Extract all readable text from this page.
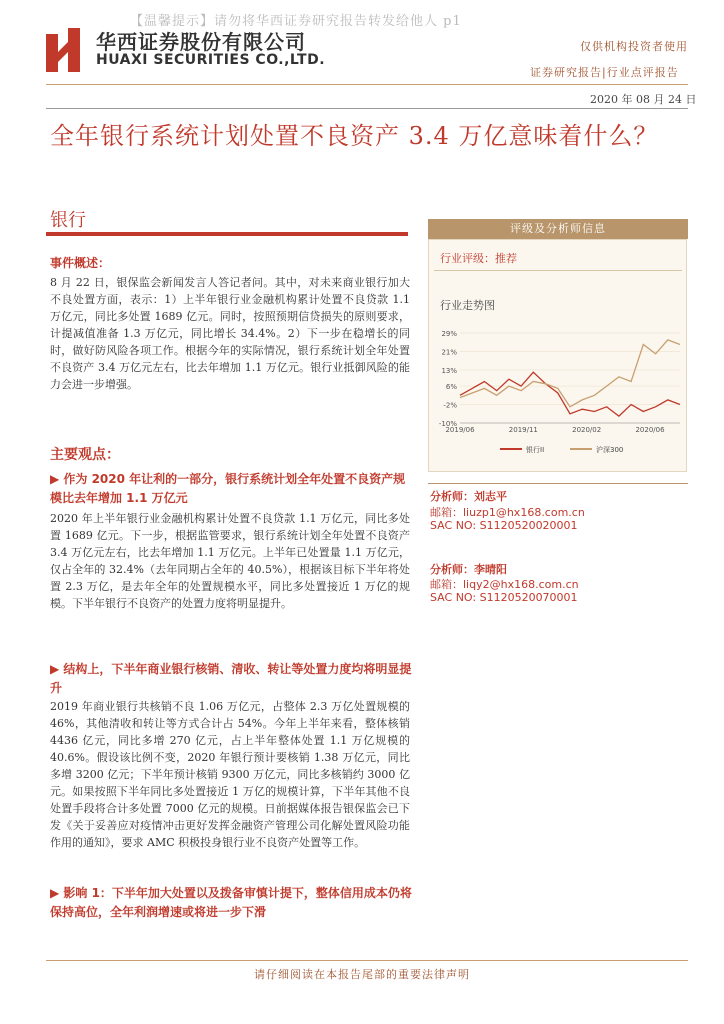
【温馨提示】请勿将华西证券研究报告转发给他人 p1
华西证券股份有限公司
HUAXI SECURITIES CO.,LTD.
仅供机构投资者使用
证券研究报告|行业点评报告
2020 年 08 月 24 日
全年银行系统计划处置不良资产 3.4 万亿意味着什么？
银行	评级及分析师信息
行业评级：推荐
行业走势图
29%
21%
13%
6%
-2%
-10%
2019/06	2019/11	2020/02	2020/06
银行II	沪深300
分析师：刘志平
邮箱：liuzp1@hx168.com.cn
SAC NO: S1120520020001
分析师：李晴阳
邮箱：liqy2@hx168.com.cn
SAC NO: S1120520070001
事件概述：
8 月 22 日，银保监会新闻发言人答记者问。其中，对未来商业银行加大不良处置方面，表示：1）上半年银行业金融机构累计处置不良贷款 1.1 万亿元，同比多处置 1689 亿元。同时，按照预期信贷损失的原则要求，计提减值准备 1.3 万亿元，同比增长 34.4%。2）下一步在稳增长的同时，做好防风险各项工作。根据今年的实际情况，银行系统计划全年处置不良资产 3.4 万亿元左右，比去年增加 1.1 万亿元。银行业抵御风险的能力会进一步增强。
主要观点：
▶ 作为 2020 年让利的一部分，银行系统计划全年处置不良资产规模比去年增加 1.1 万亿元
2020 年上半年银行业金融机构累计处置不良贷款 1.1 万亿元，同比多处置 1689 亿元。下一步，根据监管要求，银行系统计划全年处置不良资产 3.4 万亿元左右，比去年增加 1.1 万亿元。上半年已处置量 1.1 万亿元，仅占全年的 32.4%（去年同期占全年的 40.5%），根据该目标下半年将处置 2.3 万亿，是去年全年的处置规模水平，同比多处置接近 1 万亿的规模。下半年银行不良资产的处置力度将明显提升。
▶ 结构上，下半年商业银行核销、清收、转让等处置力度均将明显提升
2019 年商业银行共核销不良 1.06 万亿元，占整体 2.3 万亿处置规模的 46%，其他清收和转让等方式合计占 54%。今年上半年来看，整体核销 4436 亿元，同比多增 270 亿元，占上半年整体处置 1.1 万亿规模的 40.6%。假设该比例不变，2020 年银行预计要核销 1.38 万亿元，同比多增 3200 亿元；下半年预计核销 9300 万亿元，同比多核销约 3000 亿元。如果按照下半年同比多处置接近 1 万亿的规模计算，下半年其他不良处置手段将合计多处置 7000 亿元的规模。日前据媒体报告银保监会已下发《关于妥善应对疫情冲击更好发挥金融资产管理公司化解处置风险功能作用的通知》，要求 AMC 积极投身银行业不良资产处置等工作。
▶ 影响 1：下半年加大处置以及拨备审慎计提下，整体信用成本仍将保持高位，全年利润增速或将进一步下滑
请仔细阅读在本报告尾部的重要法律声明
